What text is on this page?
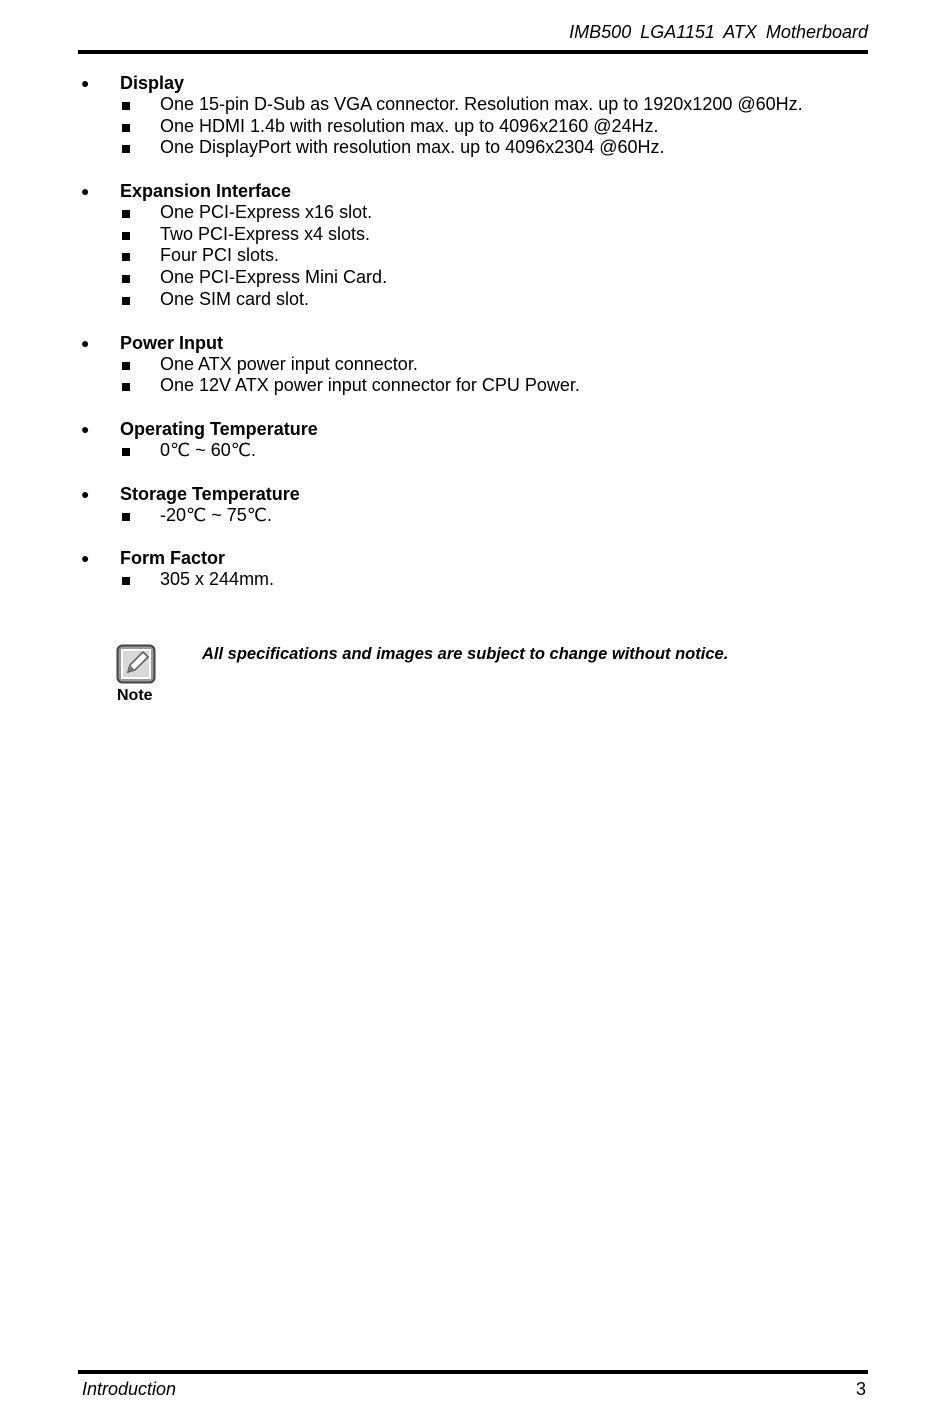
IMB500 LGA1151 ATX Motherboard
● Display
One 15-pin D-Sub as VGA connector. Resolution max. up to 1920x1200 @60Hz.
One HDMI 1.4b with resolution max. up to 4096x2160 @24Hz.
One DisplayPort with resolution max. up to 4096x2304 @60Hz.
● Expansion Interface
One PCI-Express x16 slot.
Two PCI-Express x4 slots.
Four PCI slots.
One PCI-Express Mini Card.
One SIM card slot.
● Power Input
One ATX power input connector.
One 12V ATX power input connector for CPU Power.
● Operating Temperature
0℃ ~ 60℃.
● Storage Temperature
-20℃ ~ 75℃.
● Form Factor
305 x 244mm.
Note
All specifications and images are subject to change without notice.
Introduction	3
